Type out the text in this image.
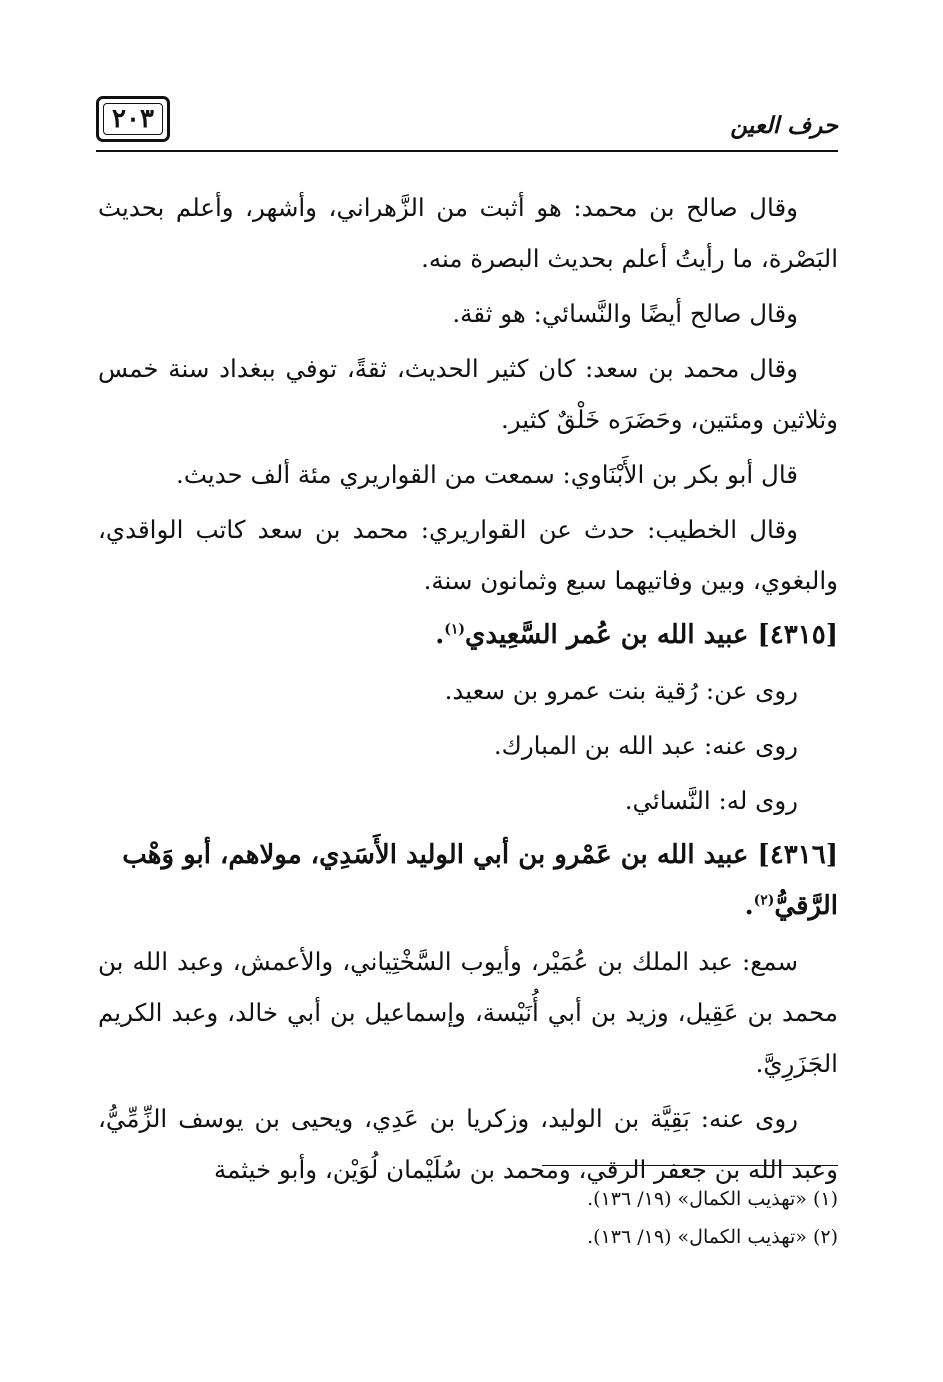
٢٠٣	حرف العين

وقال صالح بن محمد: هو أثبت من الزَّهراني، وأشهر، وأعلم بحديث البَصْرة، ما رأيتُ أعلم بحديث البصرة منه.

وقال صالح أيضًا والنَّسائي: هو ثقة.

وقال محمد بن سعد: كان كثير الحديث، ثقةً، توفي ببغداد سنة خمس وثلاثين ومئتين، وحَضَرَه خَلْقٌ كثير.

قال أبو بكر بن الأَبْنَاوي: سمعت من القواريري مئة ألف حديث.

وقال الخطيب: حدث عن القواريري: محمد بن سعد كاتب الواقدي، والبغوي، وبين وفاتيهما سبع وثمانون سنة.

[٤٣١٥] عبيد الله بن عُمر السَّعِيدي$^{(١)}$.

روى عن: رُقية بنت عمرو بن سعيد.

روى عنه: عبد الله بن المبارك.

روى له: النَّسائي.

[٤٣١٦] عبيد الله بن عَمْرو بن أبي الوليد الأَسَدِي، مولاهم، أبو وَهْب الرَّقيُّ$^{(٢)}$.

سمع: عبد الملك بن عُمَيْر، وأيوب السَّخْتِياني، والأعمش، وعبد الله بن محمد بن عَقِيل، وزيد بن أبي أُنَيْسة، وإسماعيل بن أبي خالد، وعبد الكريم الجَزَرِيَّ.

روى عنه: بَقِيَّة بن الوليد، وزكريا بن عَدِي، ويحيى بن يوسف الزِّمِّيُّ، وعبد الله بن جعفر الرقي، ومحمد بن سُلَيْمان لُوَيْن، وأبو خيثمة

(١) «تهذيب الكمال» (١٩/ ١٣٦).
(٢) «تهذيب الكمال» (١٩/ ١٣٦).
